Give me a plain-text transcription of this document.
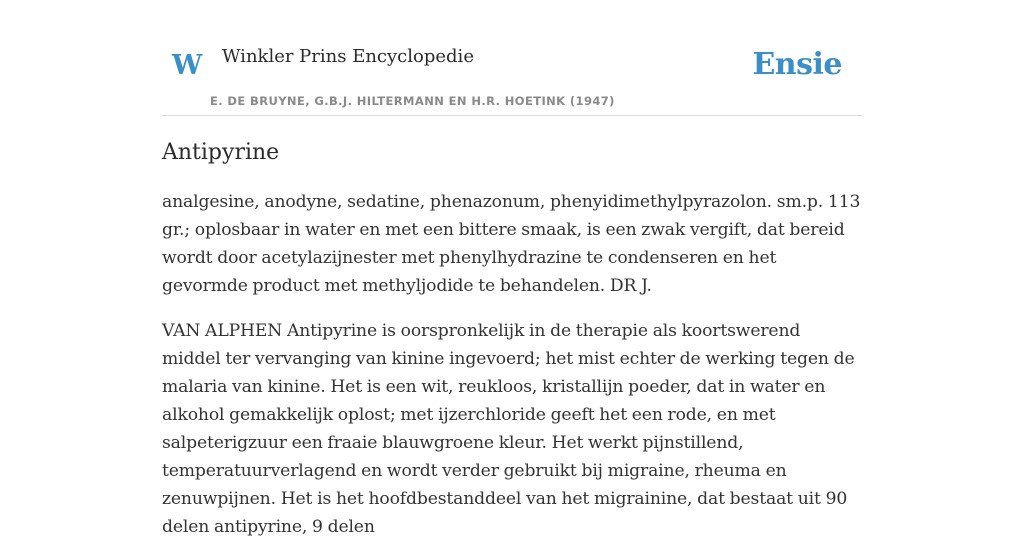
W Winkler Prins Encyclopedie	Ensie
E. DE BRUYNE, G.B.J. HILTERMANN EN H.R. HOETINK (1947)
Antipyrine

analgesine, anodyne, sedatine, phenazonum, phenyidimethylpyrazolon. sm.p. 113 gr.; oplosbaar in water en met een bittere smaak, is een zwak vergift, dat bereid wordt door acetylazijnester met phenylhydrazine te condenseren en het gevormde product met methyljodide te behandelen. DR J.

VAN ALPHEN Antipyrine is oorspronkelijk in de therapie als koortswerend middel ter vervanging van kinine ingevoerd; het mist echter de werking tegen de malaria van kinine. Het is een wit, reukloos, kristallijn poeder, dat in water en alkohol gemakkelijk oplost; met ijzerchloride geeft het een rode, en met salpeterigzuur een fraaie blauwgroene kleur. Het werkt pijnstillend, temperatuurverlagend en wordt verder gebruikt bij migraine, rheuma en zenuwpijnen. Het is het hoofdbestanddeel van het migrainine, dat bestaat uit 90 delen antipyrine, 9 delen
